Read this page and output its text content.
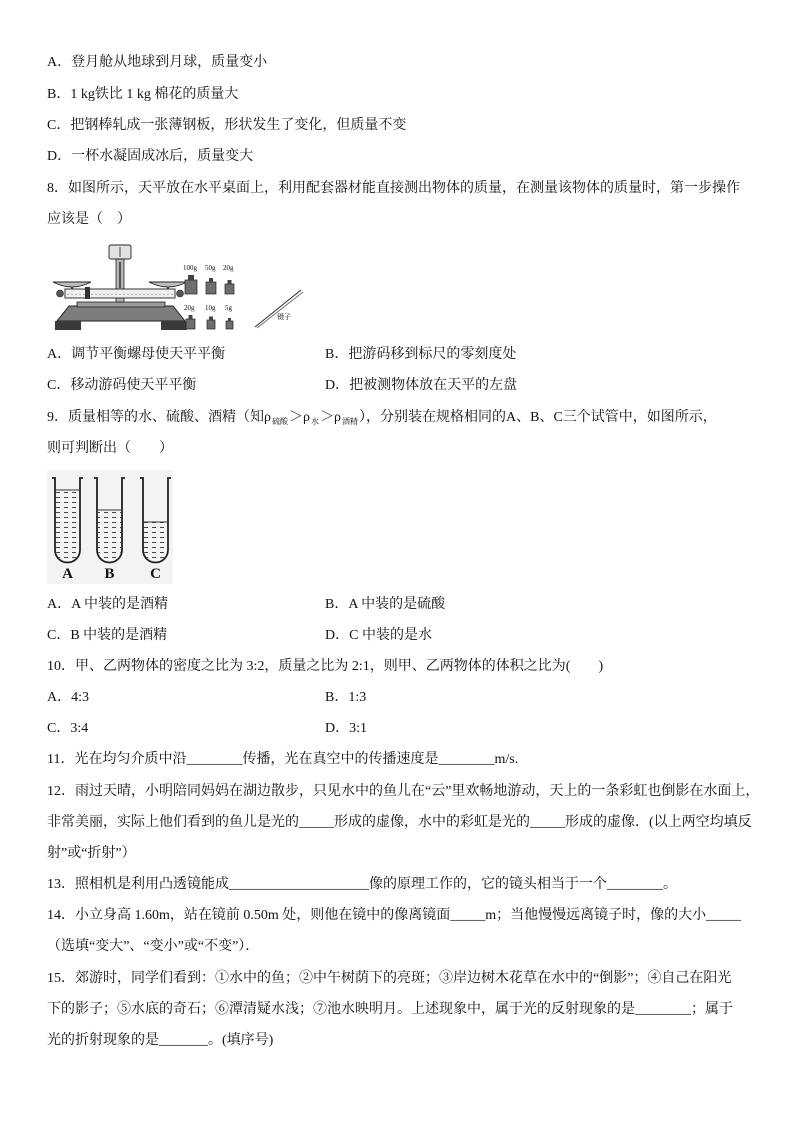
A．登月舱从地球到月球，质量变小
B．1 kg铁比 1 kg 棉花的质量大
C．把钢棒轧成一张薄钢板，形状发生了变化，但质量不变
D．一杯水凝固成冰后，质量变大
8．如图所示，天平放在水平桌面上，利用配套器材能直接测出物体的质量，在测量该物体的质量时，第一步操作
应该是（　）
100g 50g 20g
20g 10g 5g
镊子
A．调节平衡螺母使天平平衡	B．把游码移到标尺的零刻度处
C．移动游码使天平平衡	D．把被测物体放在天平的左盘
9．质量相等的水、硫酸、酒精（知$\rho_{硫酸}>\rho_水>\rho_{酒精}$），分别装在规格相同的A、B、C三个试管中，如图所示，
则可判断出（　　）
A B C
A．A 中装的是酒精	B．A 中装的是硫酸
C．B 中装的是酒精	D．C 中装的是水
10．甲、乙两物体的密度之比为 3:2，质量之比为 2:1，则甲、乙两物体的体积之比为(　　)
A．4:3	B．1:3
C．3:4	D．3:1
11．光在均匀介质中沿________传播，光在真空中的传播速度是________m/s.
12．雨过天晴，小明陪同妈妈在湖边散步，只见水中的鱼儿在“云”里欢畅地游动，天上的一条彩虹也倒影在水面上，
非常美丽，实际上他们看到的鱼儿是光的_____形成的虚像，水中的彩虹是光的_____形成的虚像．(以上两空均填反
射”或“折射”）
13．照相机是利用凸透镜能成____________________像的原理工作的，它的镜头相当于一个________。
14．小立身高 1.60m，站在镜前 0.50m 处，则他在镜中的像离镜面_____m；当他慢慢远离镜子时，像的大小_____
（选填“变大”、“变小”或“不变”）．
15．郊游时，同学们看到：①水中的鱼；②中午树荫下的亮斑；③岸边树木花草在水中的“倒影”；④自己在阳光
下的影子；⑤水底的奇石；⑥潭清疑水浅；⑦池水映明月。上述现象中，属于光的反射现象的是________；属于
光的折射现象的是_______。(填序号)
